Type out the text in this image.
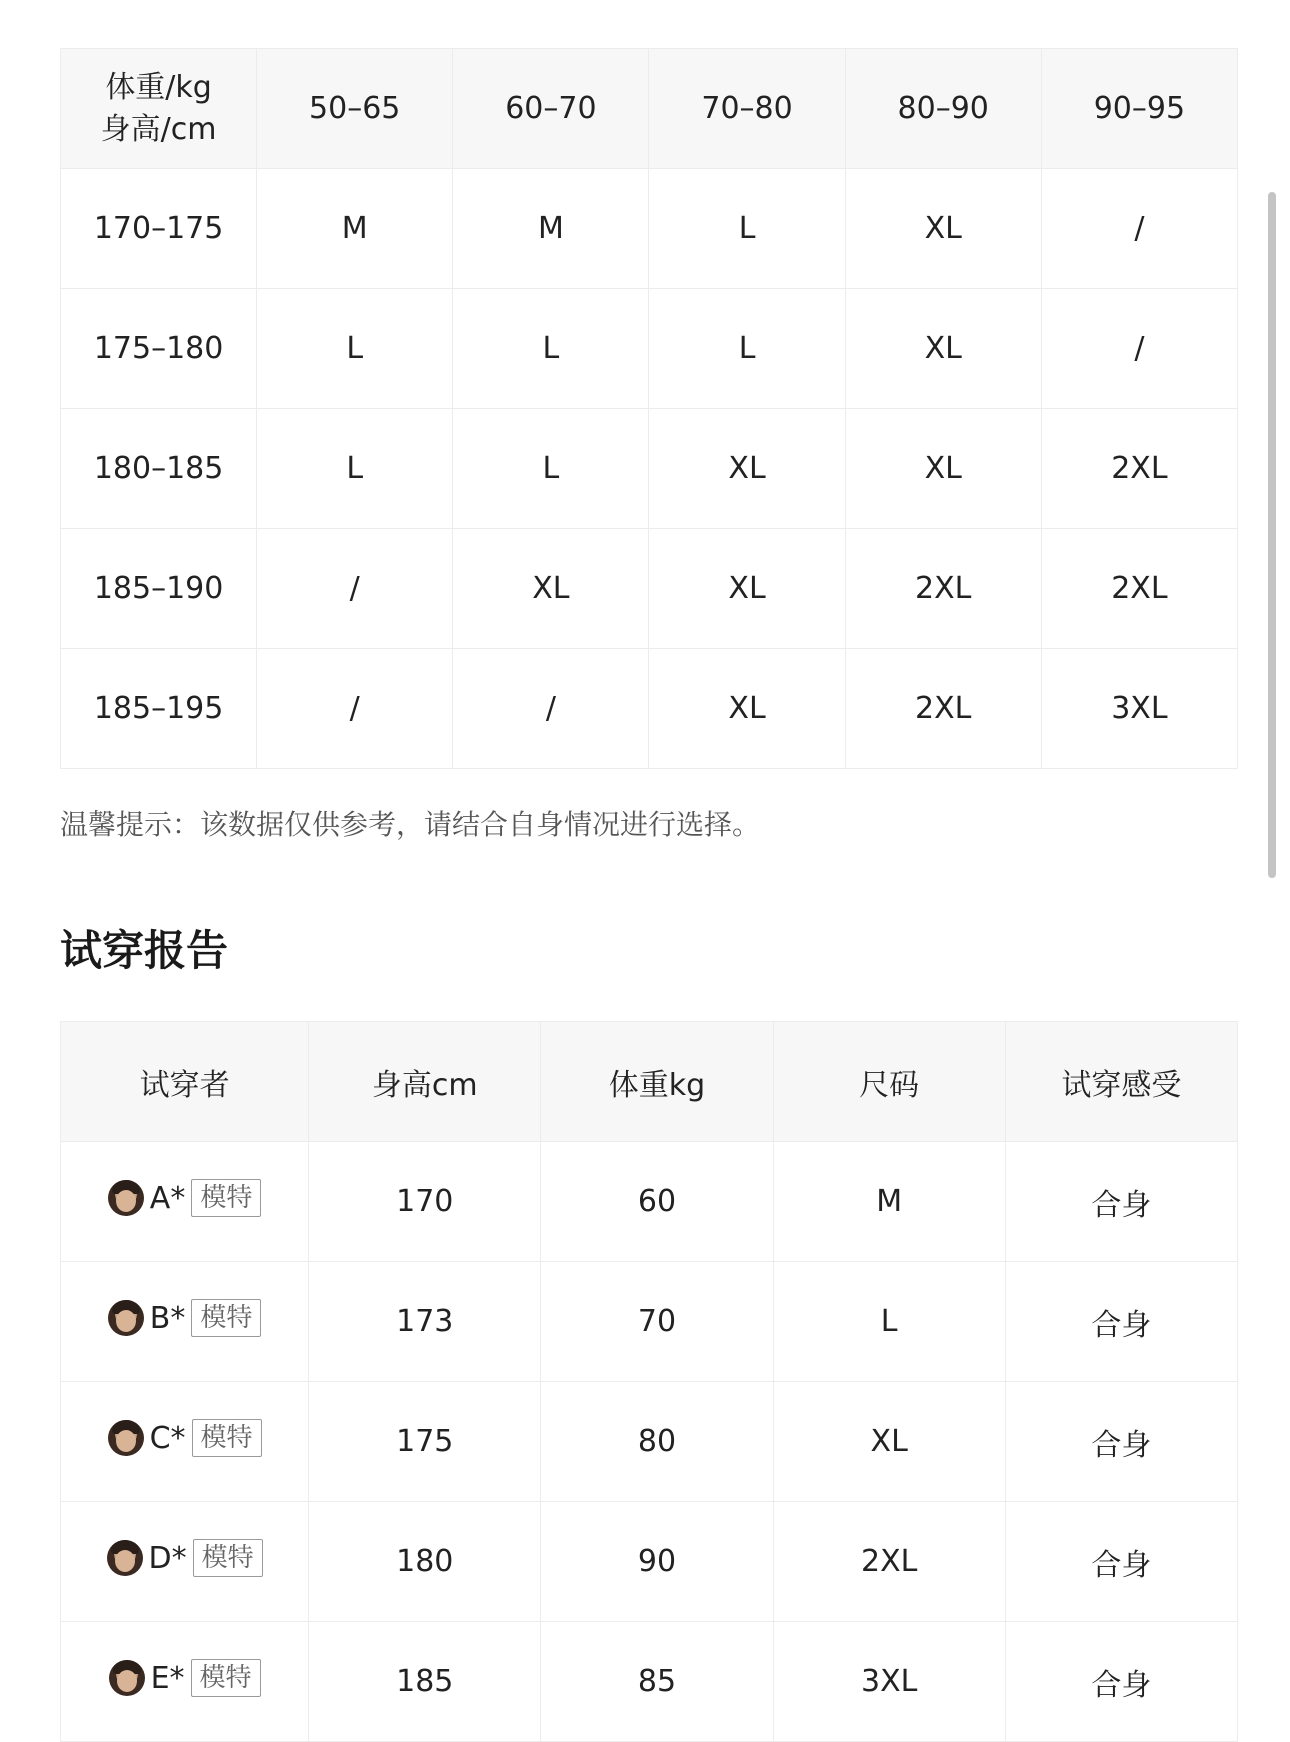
体重/kg
身高/cm	50–65	60–70	70–80	80–90	90–95
170–175	M	M	L	XL	/
175–180	L	L	L	XL	/
180–185	L	L	XL	XL	2XL
185–190	/	XL	XL	2XL	2XL
185–195	/	/	XL	2XL	3XL
温馨提示：该数据仅供参考，请结合自身情况进行选择。
试穿报告
试穿者	身高cm	体重kg	尺码	试穿感受

A* 模特	170	60	M	合身

B* 模特	173	70	L	合身

C* 模特	175	80	XL	合身

D* 模特	180	90	2XL	合身

E* 模特	185	85	3XL	合身
